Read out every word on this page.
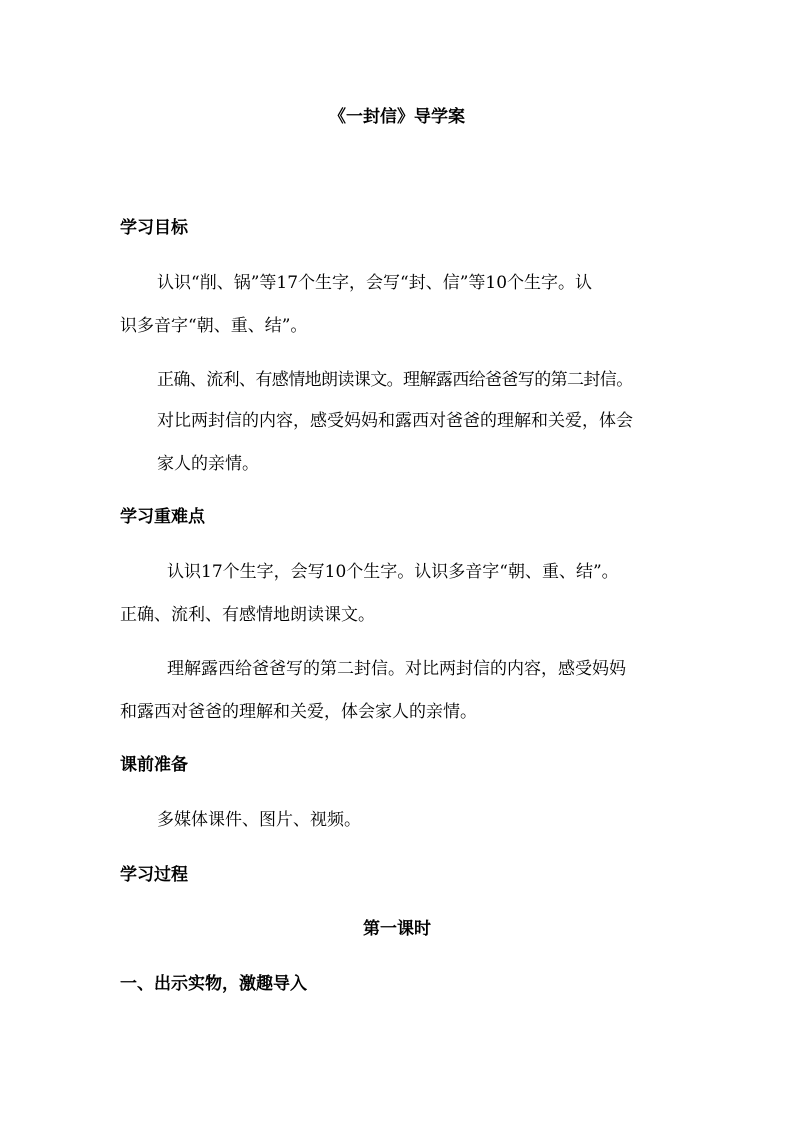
《一封信》导学案
学习目标
认识“削、锅”等17个生字，会写“封、信”等10个生字。认
识多音字“朝、重、结”。
正确、流利、有感情地朗读课文。理解露西给爸爸写的第二封信。
对比两封信的内容，感受妈妈和露西对爸爸的理解和关爱，体会
家人的亲情。
学习重难点
认识17个生字，会写10个生字。认识多音字“朝、重、结”。
正确、流利、有感情地朗读课文。
理解露西给爸爸写的第二封信。对比两封信的内容，感受妈妈
和露西对爸爸的理解和关爱，体会家人的亲情。
课前准备
多媒体课件、图片、视频。
学习过程
第一课时
一、出示实物，激趣导入
